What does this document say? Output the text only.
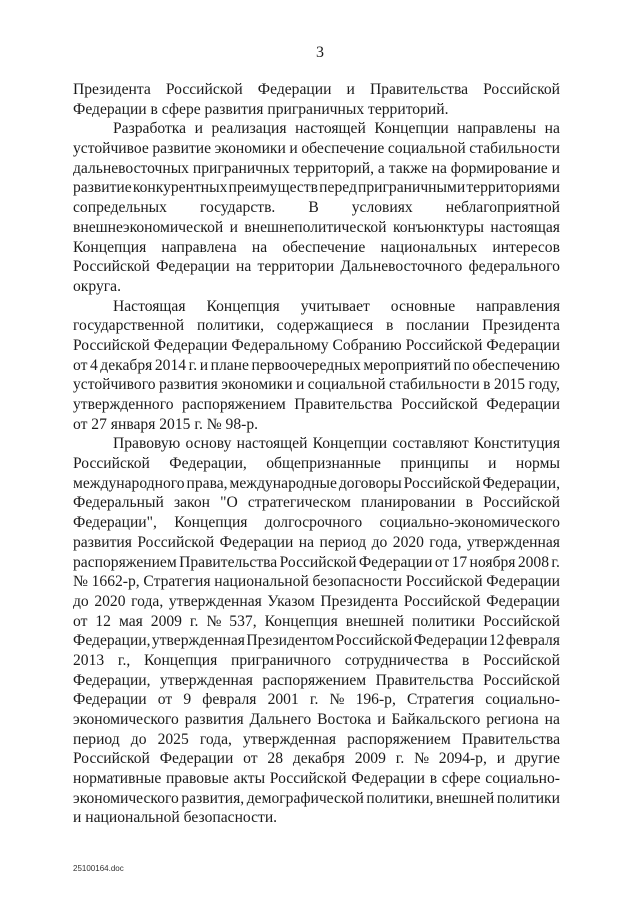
3
Президента Российской Федерации и Правительства Российской
Федерации в сфере развития приграничных территорий.
Разработка и реализация настоящей Концепции направлены на
устойчивое развитие экономики и обеспечение социальной стабильности
дальневосточных приграничных территорий, а также на формирование и
развитие конкурентных преимуществ перед приграничными территориями
сопредельных государств. В условиях неблагоприятной
внешнеэкономической и внешнеполитической конъюнктуры настоящая
Концепция направлена на обеспечение национальных интересов
Российской Федерации на территории Дальневосточного федерального
округа.
Настоящая Концепция учитывает основные направления
государственной политики, содержащиеся в послании Президента
Российской Федерации Федеральному Собранию Российской Федерации
от 4 декабря 2014 г. и плане первоочередных мероприятий по обеспечению
устойчивого развития экономики и социальной стабильности в 2015 году,
утвержденного распоряжением Правительства Российской Федерации
от 27 января 2015 г. № 98-р.
Правовую основу настоящей Концепции составляют Конституция
Российской Федерации, общепризнанные принципы и нормы
международного права, международные договоры Российской Федерации,
Федеральный закон "О стратегическом планировании в Российской
Федерации", Концепция долгосрочного социально-экономического
развития Российской Федерации на период до 2020 года, утвержденная
распоряжением Правительства Российской Федерации от 17 ноября 2008 г.
№ 1662-р, Стратегия национальной безопасности Российской Федерации
до 2020 года, утвержденная Указом Президента Российской Федерации
от 12 мая 2009 г. № 537, Концепция внешней политики Российской
Федерации, утвержденная Президентом Российской Федерации 12 февраля
2013 г., Концепция приграничного сотрудничества в Российской
Федерации, утвержденная распоряжением Правительства Российской
Федерации от 9 февраля 2001 г. № 196-р, Стратегия социально-
экономического развития Дальнего Востока и Байкальского региона на
период до 2025 года, утвержденная распоряжением Правительства
Российской Федерации от 28 декабря 2009 г. № 2094-р, и другие
нормативные правовые акты Российской Федерации в сфере социально-
экономического развития, демографической политики, внешней политики
и национальной безопасности.
25100164.doc
